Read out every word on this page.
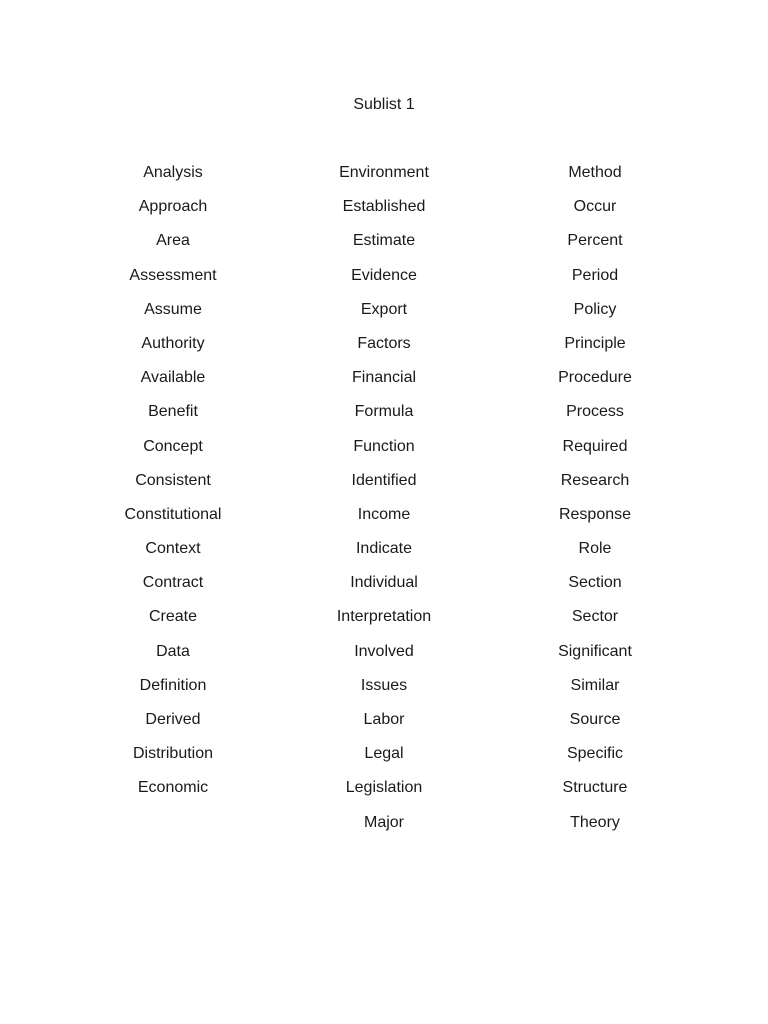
Sublist 1
Analysis
Approach
Area
Assessment
Assume
Authority
Available
Benefit
Concept
Consistent
Constitutional
Context
Contract
Create
Data
Definition
Derived
Distribution
Economic
Environment
Established
Estimate
Evidence
Export
Factors
Financial
Formula
Function
Identified
Income
Indicate
Individual
Interpretation
Involved
Issues
Labor
Legal
Legislation
Major
Method
Occur
Percent
Period
Policy
Principle
Procedure
Process
Required
Research
Response
Role
Section
Sector
Significant
Similar
Source
Specific
Structure
Theory
